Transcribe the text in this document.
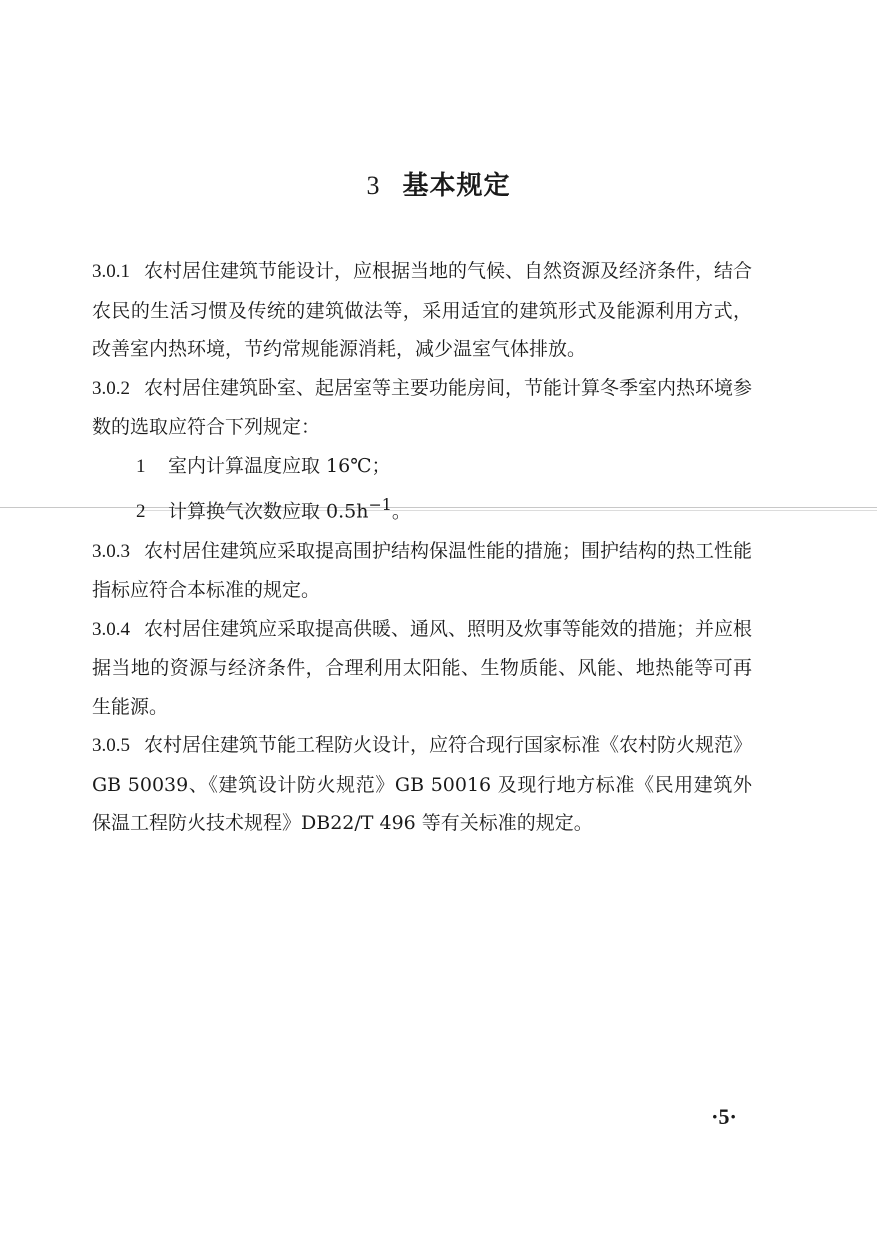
3 基本规定

3.0.1 农村居住建筑节能设计，应根据当地的气候、自然资源及经济条件，结合农民的生活习惯及传统的建筑做法等，采用适宜的建筑形式及能源利用方式，改善室内热环境，节约常规能源消耗，减少温室气体排放。

3.0.2 农村居住建筑卧室、起居室等主要功能房间，节能计算冬季室内热环境参数的选取应符合下列规定：

1 室内计算温度应取 16℃；

2 计算换气次数应取 $0.5h^{-1}$。

3.0.3 农村居住建筑应采取提高围护结构保温性能的措施；围护结构的热工性能指标应符合本标准的规定。

3.0.4 农村居住建筑应采取提高供暖、通风、照明及炊事等能效的措施；并应根据当地的资源与经济条件，合理利用太阳能、生物质能、风能、地热能等可再生能源。

3.0.5 农村居住建筑节能工程防火设计，应符合现行国家标准《农村防火规范》GB 50039、《建筑设计防火规范》GB 50016 及现行地方标准《民用建筑外保温工程防火技术规程》DB22/T 496 等有关标准的规定。

·5·
